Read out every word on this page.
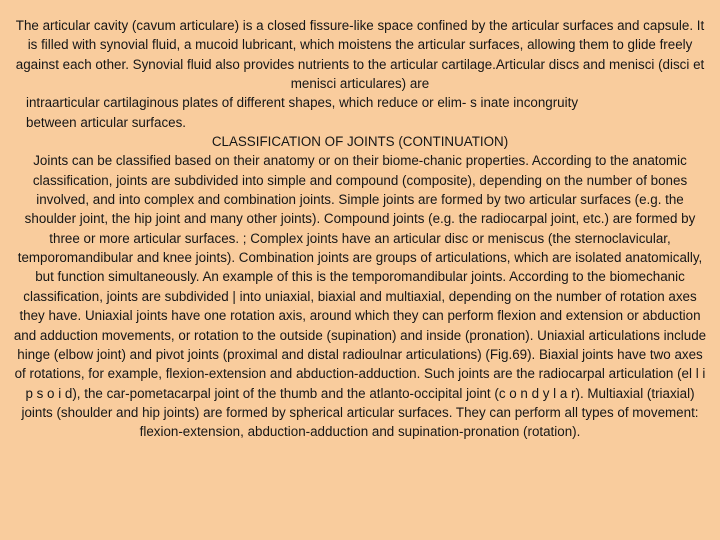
The articular cavity (cavum articulare) is a closed fissure-like space confined by the articular surfaces and capsule. It is filled with synovial fluid, a mucoid lubricant, which moistens the articular surfaces, allowing them to glide freely against each other. Synovial fluid also provides nutrients to the articular cartilage.Articular discs and menisci (disci et menisci articulares) are

intraarticular cartilaginous plates of different shapes, which reduce or elim- s inate incongruity

between articular surfaces.

CLASSIFICATION OF JOINTS (CONTINUATION)

Joints can be classified based on their anatomy or on their biome-chanic properties. According to the anatomic classification, joints are subdivided into simple and compound (composite), depending on the number of bones involved, and into complex and combination joints. Simple joints are formed by two articular surfaces (e.g. the shoulder joint, the hip joint and many other joints). Compound joints (e.g. the radiocarpal joint, etc.) are formed by three or more articular surfaces. ; Complex joints have an articular disc or meniscus (the sternoclavicular, temporomandibular and knee joints). Combination joints are groups of articulations, which are isolated anatomically, but function simultaneously. An example of this is the temporomandibular joints. According to the biomechanic classification, joints are subdivided | into uniaxial, biaxial and multiaxial, depending on the number of rotation axes they have. Uniaxial joints have one rotation axis, around which they can perform flexion and extension or abduction and adduction movements, or rotation to the outside (supination) and inside (pronation). Uniaxial articulations include hinge (elbow joint) and pivot joints (proximal and distal radioulnar articulations) (Fig.69). Biaxial joints have two axes of rotations, for example, flexion-extension and abduction-adduction. Such joints are the radiocarpal articulation (el l i p s o i d), the car-pometacarpal joint of the thumb and the atlanto-occipital joint (c o n d y l a r). Multiaxial (triaxial) joints (shoulder and hip joints) are formed by spherical articular surfaces. They can perform all types of movement: flexion-extension, abduction-adduction and supination-pronation (rotation).
